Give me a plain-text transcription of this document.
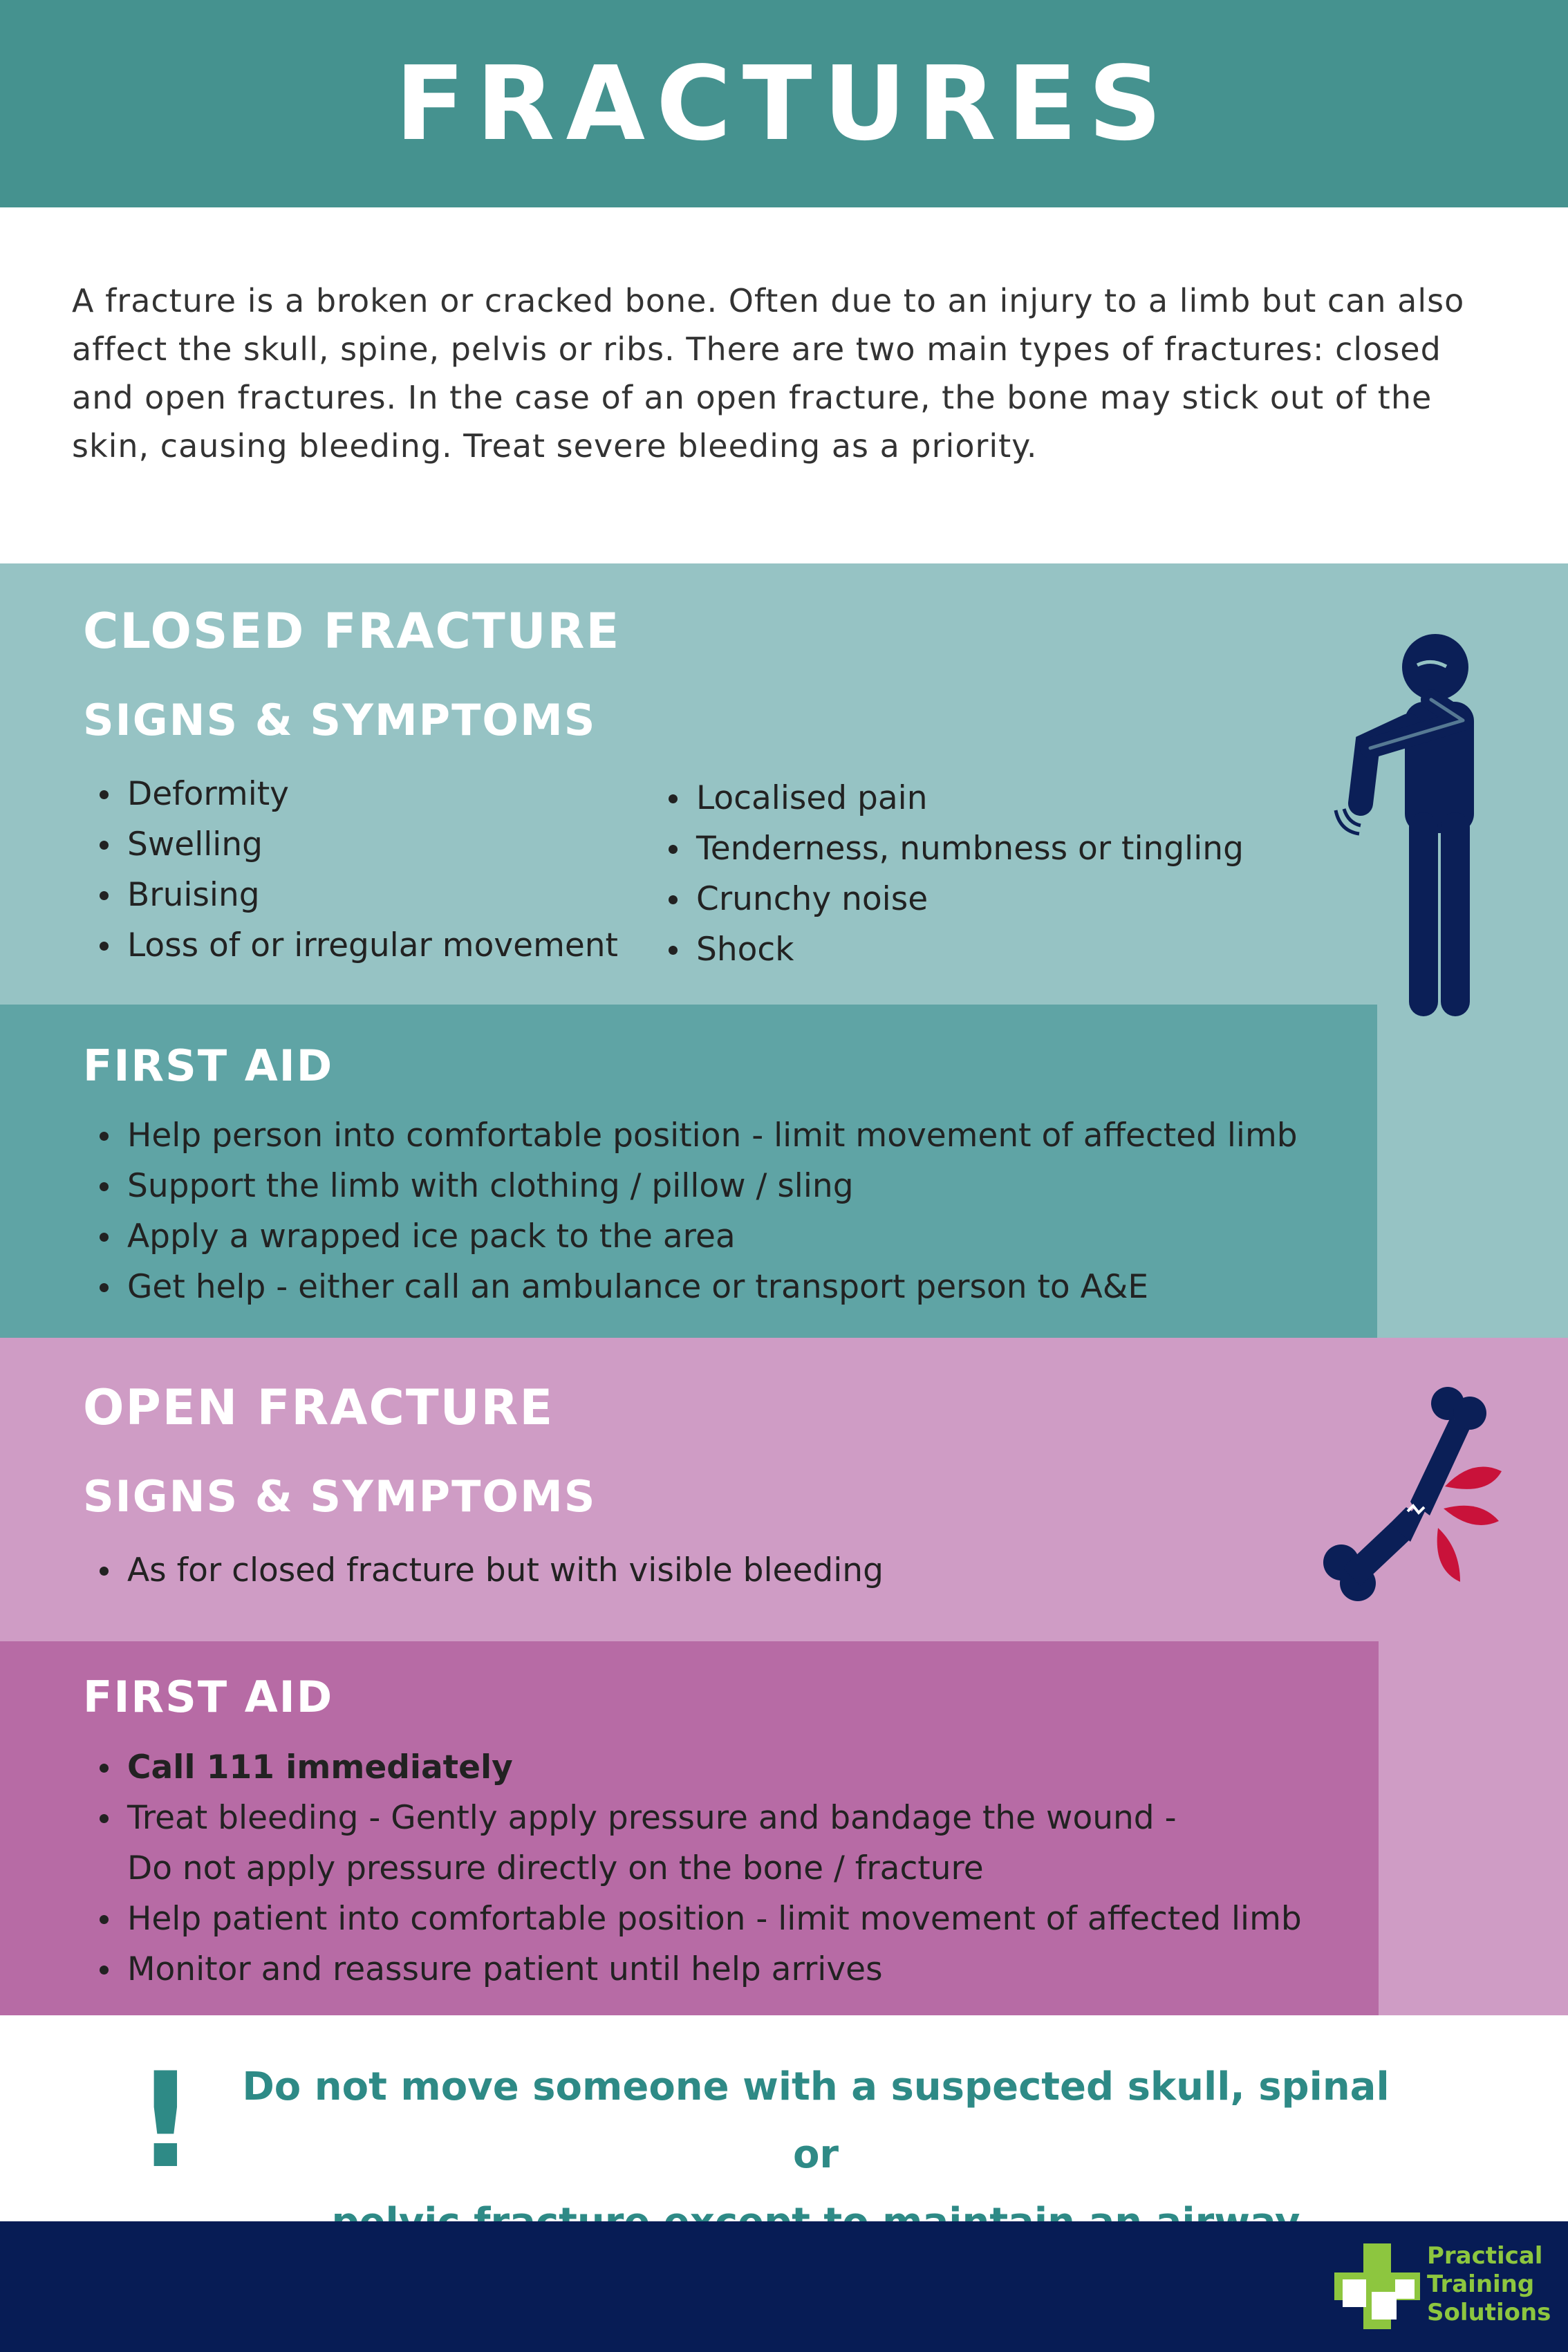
FRACTURES
A fracture is a broken or cracked bone. Often due to an injury to a limb but can also affect the skull, spine, pelvis or ribs. There are two main types of fractures: closed and open fractures. In the case of an open fracture, the bone may stick out of the skin, causing bleeding. Treat severe bleeding as a priority.
CLOSED FRACTURE
SIGNS & SYMPTOMS
Deformity
Swelling
Bruising
Loss of or irregular movement
Localised pain
Tenderness, numbness or tingling
Crunchy noise
Shock
FIRST AID
Help person into comfortable position - limit movement of affected limb
Support the limb with clothing / pillow / sling
Apply a wrapped ice pack to the area
Get help - either call an ambulance or transport person to A&E
OPEN FRACTURE
SIGNS & SYMPTOMS
As for closed fracture but with visible bleeding
FIRST AID
Call 111 immediately
Treat bleeding - Gently apply pressure and bandage the wound -
Do not apply pressure directly on the bone / fracture
Help patient into comfortable position - limit movement of affected limb
Monitor and reassure patient until help arrives
!	Do not move someone with a suspected skull, spinal or
Practical
Training
Solutions
